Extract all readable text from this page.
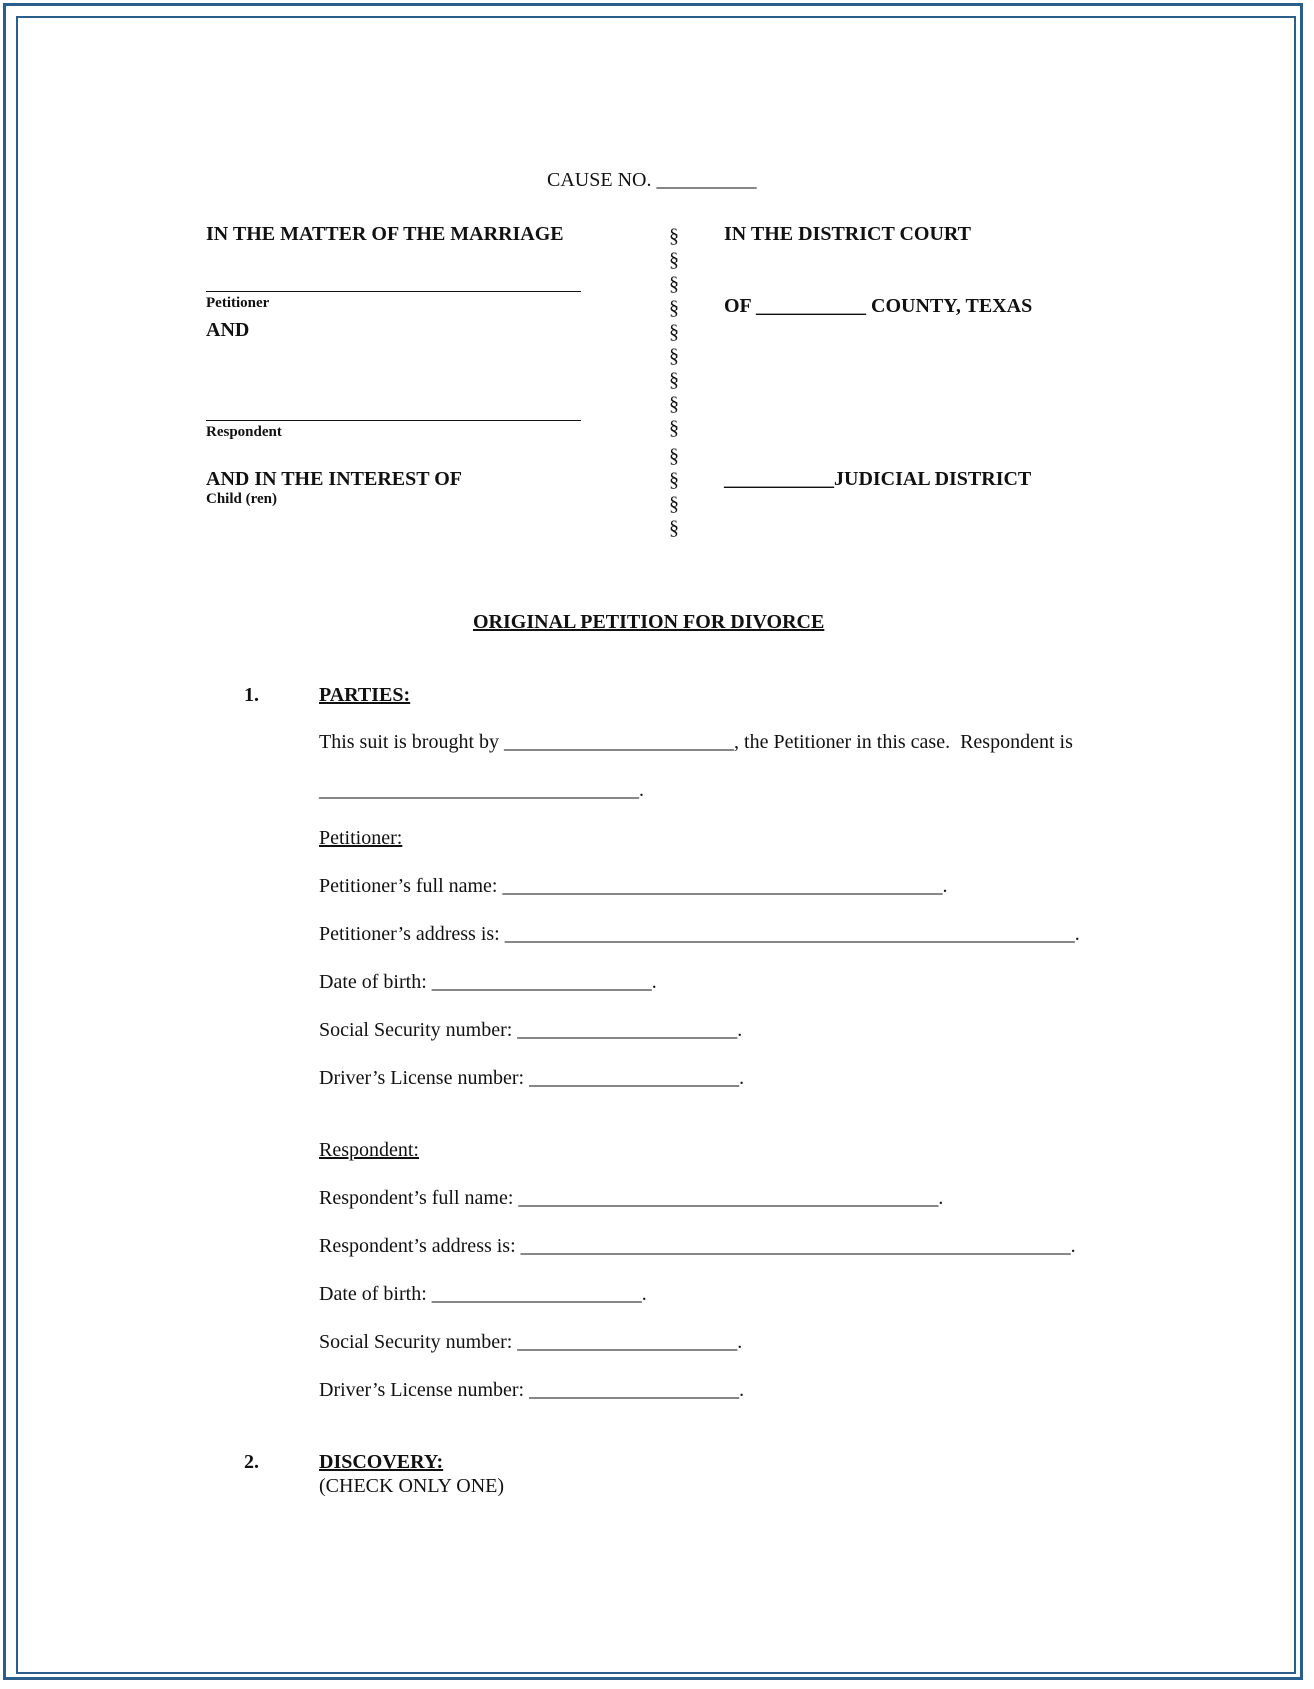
CAUSE NO. __________
IN THE MATTER OF THE MARRIAGE
Petitioner
AND
Respondent
AND IN THE INTEREST OF
Child (ren)
§
§
§
§
§
§
§
§
§
§
§
§
§
IN THE DISTRICT COURT
OF ___________ COUNTY, TEXAS
___________JUDICIAL DISTRICT
ORIGINAL PETITION FOR DIVORCE
1.	PARTIES:
This suit is brought by _______________________, the Petitioner in this case.  Respondent is
________________________________.
Petitioner:
Petitioner’s full name: ____________________________________________.
Petitioner’s address is: _________________________________________________________.
Date of birth: ______________________.
Social Security number: ______________________.
Driver’s License number: _____________________.
Respondent:
Respondent’s full name: __________________________________________.
Respondent’s address is: _______________________________________________________.
Date of birth: _____________________.
Social Security number: ______________________.
Driver’s License number: _____________________.
2.	DISCOVERY:
(CHECK ONLY ONE)
